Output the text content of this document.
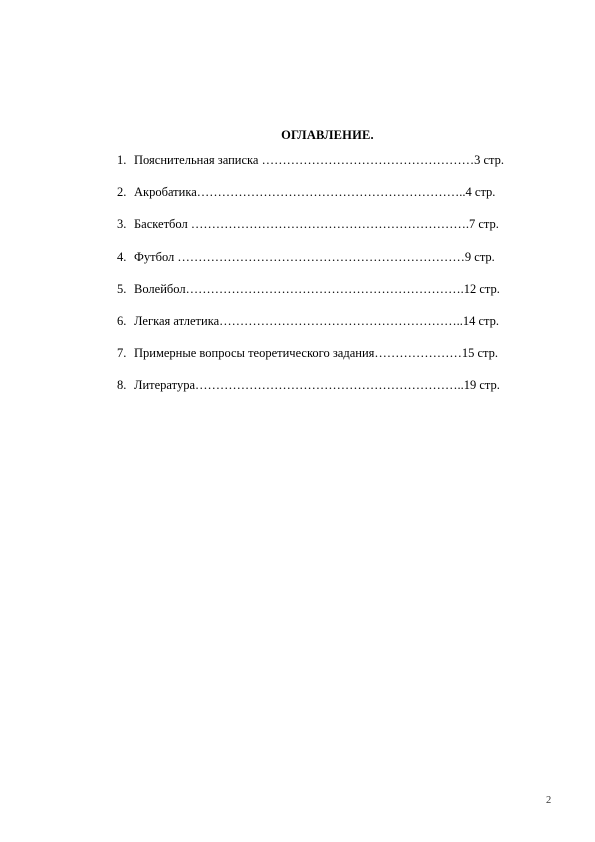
ОГЛАВЛЕНИЕ.
1. Пояснительная записка ……………………………………………3 стр.
2. Акробатика………………………………………………………..4 стр.
3. Баскетбол ………………………………………………………….7 стр.
4. Футбол ……………………………………………………………9 стр.
5. Волейбол………………………………………………………….12 стр.
6. Легкая атлетика…………………………………………………..14 стр.
7. Примерные вопросы теоретического задания…………………15 стр.
8. Литература………………………………………………………..19 стр.
2
